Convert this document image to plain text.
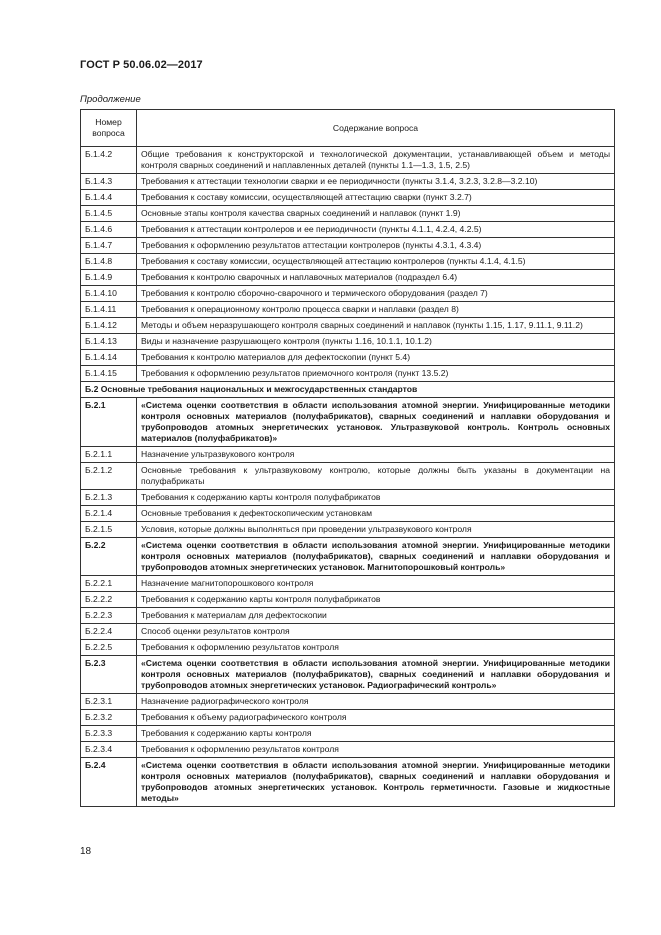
ГОСТ Р 50.06.02—2017
Продолжение
Номер вопроса	Содержание вопроса
Б.1.4.2	Общие требования к конструкторской и технологической документации, устанавливающей объем и методы контроля сварных соединений и наплавленных деталей (пункты 1.1—1.3, 1.5, 2.5)
Б.1.4.3	Требования к аттестации технологии сварки и ее периодичности (пункты 3.1.4, 3.2.3, 3.2.8—3.2.10)
Б.1.4.4	Требования к составу комиссии, осуществляющей аттестацию сварки (пункт 3.2.7)
Б.1.4.5	Основные этапы контроля качества сварных соединений и наплавок (пункт 1.9)
Б.1.4.6	Требования к аттестации контролеров и ее периодичности (пункты 4.1.1, 4.2.4, 4.2.5)
Б.1.4.7	Требования к оформлению результатов аттестации контролеров (пункты 4.3.1, 4.3.4)
Б.1.4.8	Требования к составу комиссии, осуществляющей аттестацию контролеров (пункты 4.1.4, 4.1.5)
Б.1.4.9	Требования к контролю сварочных и наплавочных материалов (подраздел 6.4)
Б.1.4.10	Требования к контролю сборочно-сварочного и термического оборудования (раздел 7)
Б.1.4.11	Требования к операционному контролю процесса сварки и наплавки (раздел 8)
Б.1.4.12	Методы и объем неразрушающего контроля сварных соединений и наплавок (пункты 1.15, 1.17, 9.11.1, 9.11.2)
Б.1.4.13	Виды и назначение разрушающего контроля (пункты 1.16, 10.1.1, 10.1.2)
Б.1.4.14	Требования к контролю материалов для дефектоскопии (пункт 5.4)
Б.1.4.15	Требования к оформлению результатов приемочного контроля (пункт 13.5.2)
Б.2 Основные требования национальных и межгосударственных стандартов	
Б.2.1	«Система оценки соответствия в области использования атомной энергии. Унифицированные методики контроля основных материалов (полуфабрикатов), сварных соединений и наплавки оборудования и трубопроводов атомных энергетических установок. Ультразвуковой контроль. Контроль основных материалов (полуфабрикатов)»
Б.2.1.1	Назначение ультразвукового контроля
Б.2.1.2	Основные требования к ультразвуковому контролю, которые должны быть указаны в документации на полуфабрикаты
Б.2.1.3	Требования к содержанию карты контроля полуфабрикатов
Б.2.1.4	Основные требования к дефектоскопическим установкам
Б.2.1.5	Условия, которые должны выполняться при проведении ультразвукового контроля
Б.2.2	«Система оценки соответствия в области использования атомной энергии. Унифицированные методики контроля основных материалов (полуфабрикатов), сварных соединений и наплавки оборудования и трубопроводов атомных энергетических установок. Магнитопорошковый контроль»
Б.2.2.1	Назначение магнитопорошкового контроля
Б.2.2.2	Требования к содержанию карты контроля полуфабрикатов
Б.2.2.3	Требования к материалам для дефектоскопии
Б.2.2.4	Способ оценки результатов контроля
Б.2.2.5	Требования к оформлению результатов контроля
Б.2.3	«Система оценки соответствия в области использования атомной энергии. Унифицированные методики контроля основных материалов (полуфабрикатов), сварных соединений и наплавки оборудования и трубопроводов атомных энергетических установок. Радиографический контроль»
Б.2.3.1	Назначение радиографического контроля
Б.2.3.2	Требования к объему радиографического контроля
Б.2.3.3	Требования к содержанию карты контроля
Б.2.3.4	Требования к оформлению результатов контроля
Б.2.4	«Система оценки соответствия в области использования атомной энергии. Унифицированные методики контроля основных материалов (полуфабрикатов), сварных соединений и наплавки оборудования и трубопроводов атомных энергетических установок. Контроль герметичности. Газовые и жидкостные методы»
18
